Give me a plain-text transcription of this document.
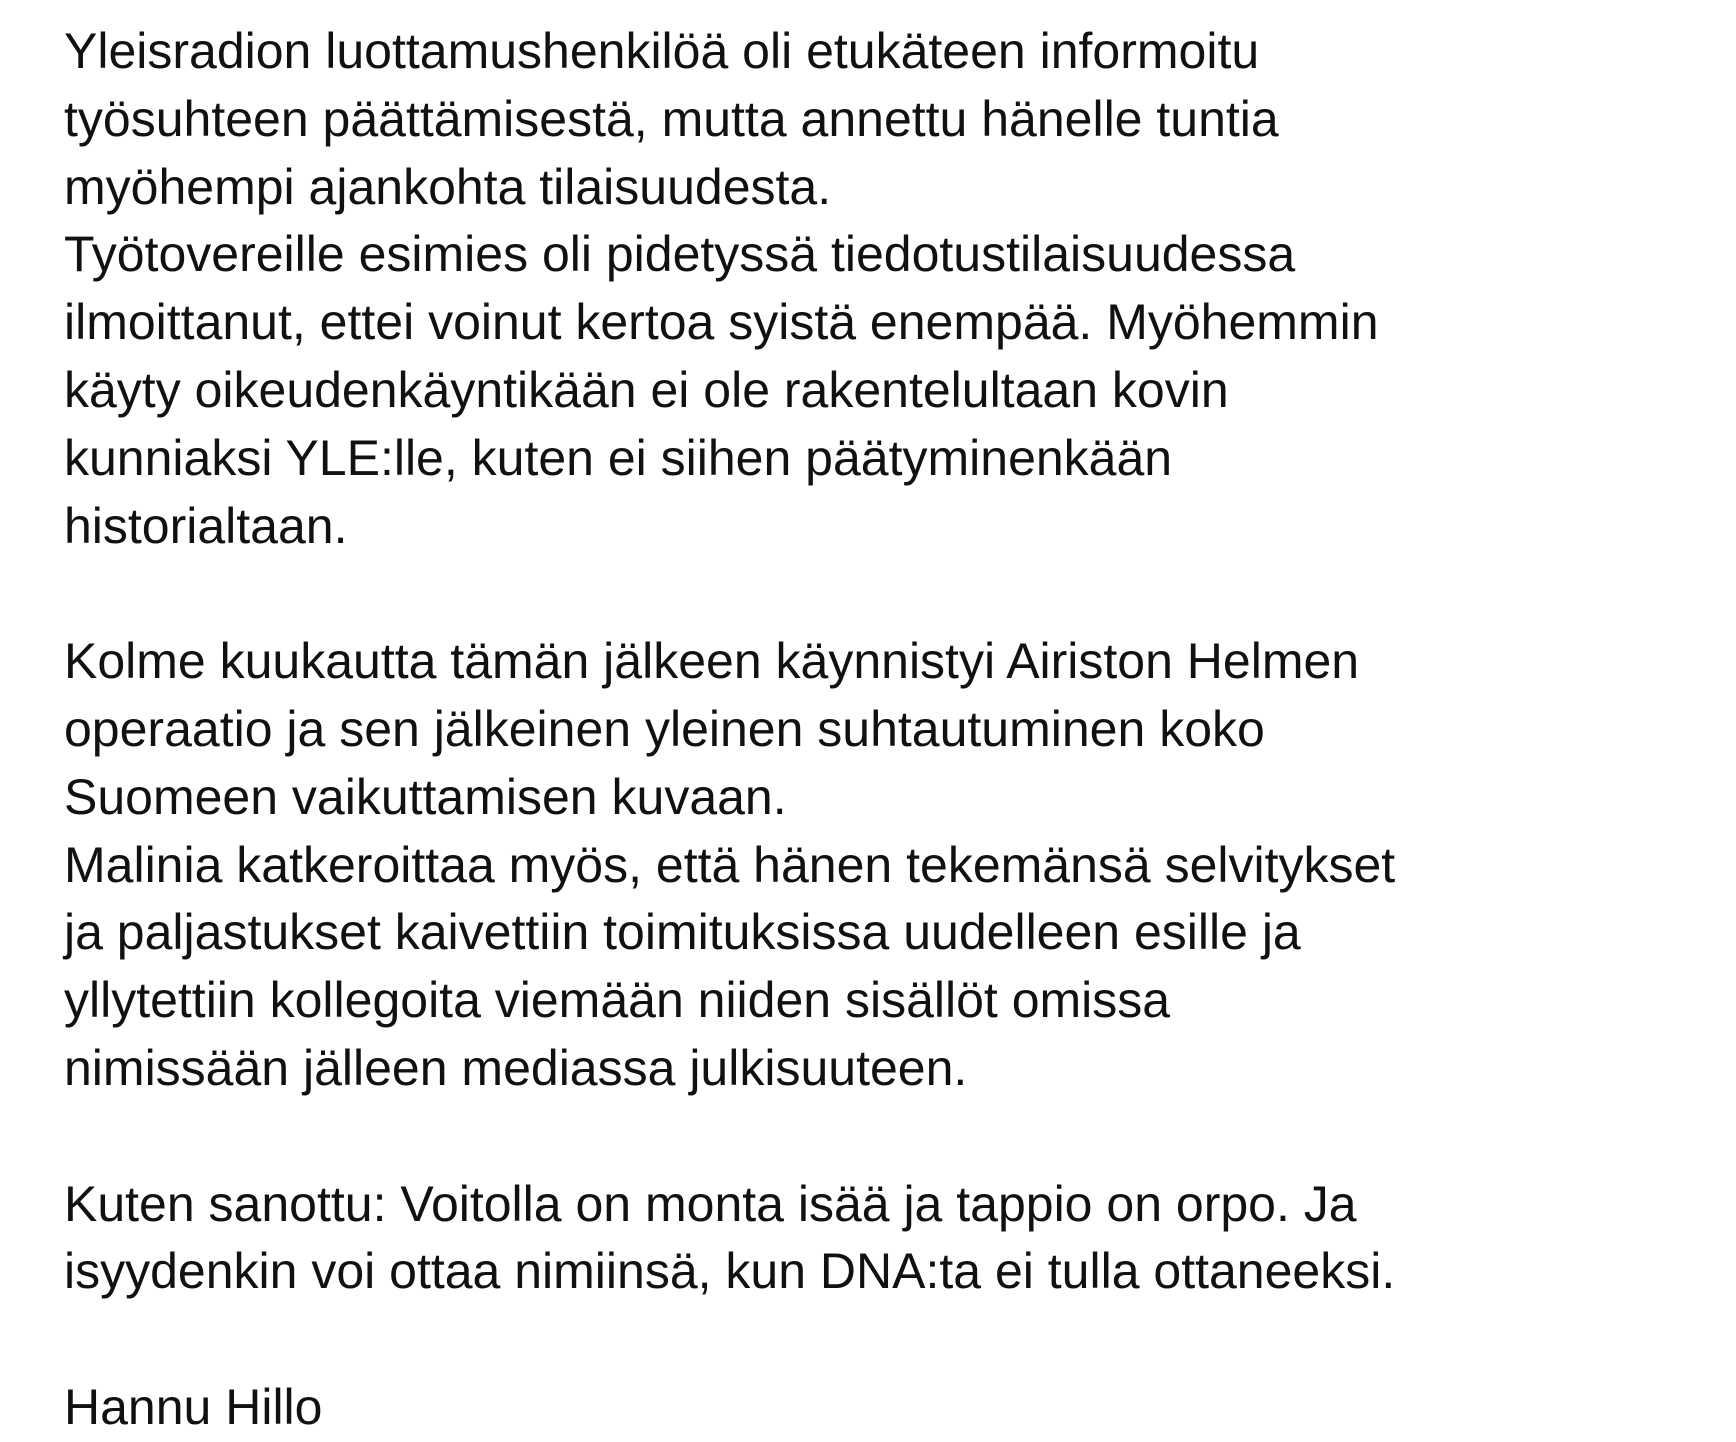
Yleisradion luottamushenkilöä oli etukäteen informoitu
työsuhteen päättämisestä, mutta annettu hänelle tuntia
myöhempi ajankohta tilaisuudesta.
Työtovereille esimies oli pidetyssä tiedotustilaisuudessa
ilmoittanut, ettei voinut kertoa syistä enempää. Myöhemmin
käyty oikeudenkäyntikään ei ole rakentelultaan kovin
kunniaksi YLE:lle, kuten ei siihen päätyminenkään
historialtaan.
Kolme kuukautta tämän jälkeen käynnistyi Airiston Helmen
operaatio ja sen jälkeinen yleinen suhtautuminen koko
Suomeen vaikuttamisen kuvaan.
Malinia katkeroittaa myös, että hänen tekemänsä selvitykset
ja paljastukset kaivettiin toimituksissa uudelleen esille ja
yllytettiin kollegoita viemään niiden sisällöt omissa
nimissään jälleen mediassa julkisuuteen.
Kuten sanottu: Voitolla on monta isää ja tappio on orpo. Ja
isyydenkin voi ottaa nimiinsä, kun DNA:ta ei tulla ottaneeksi.
Hannu Hillo
